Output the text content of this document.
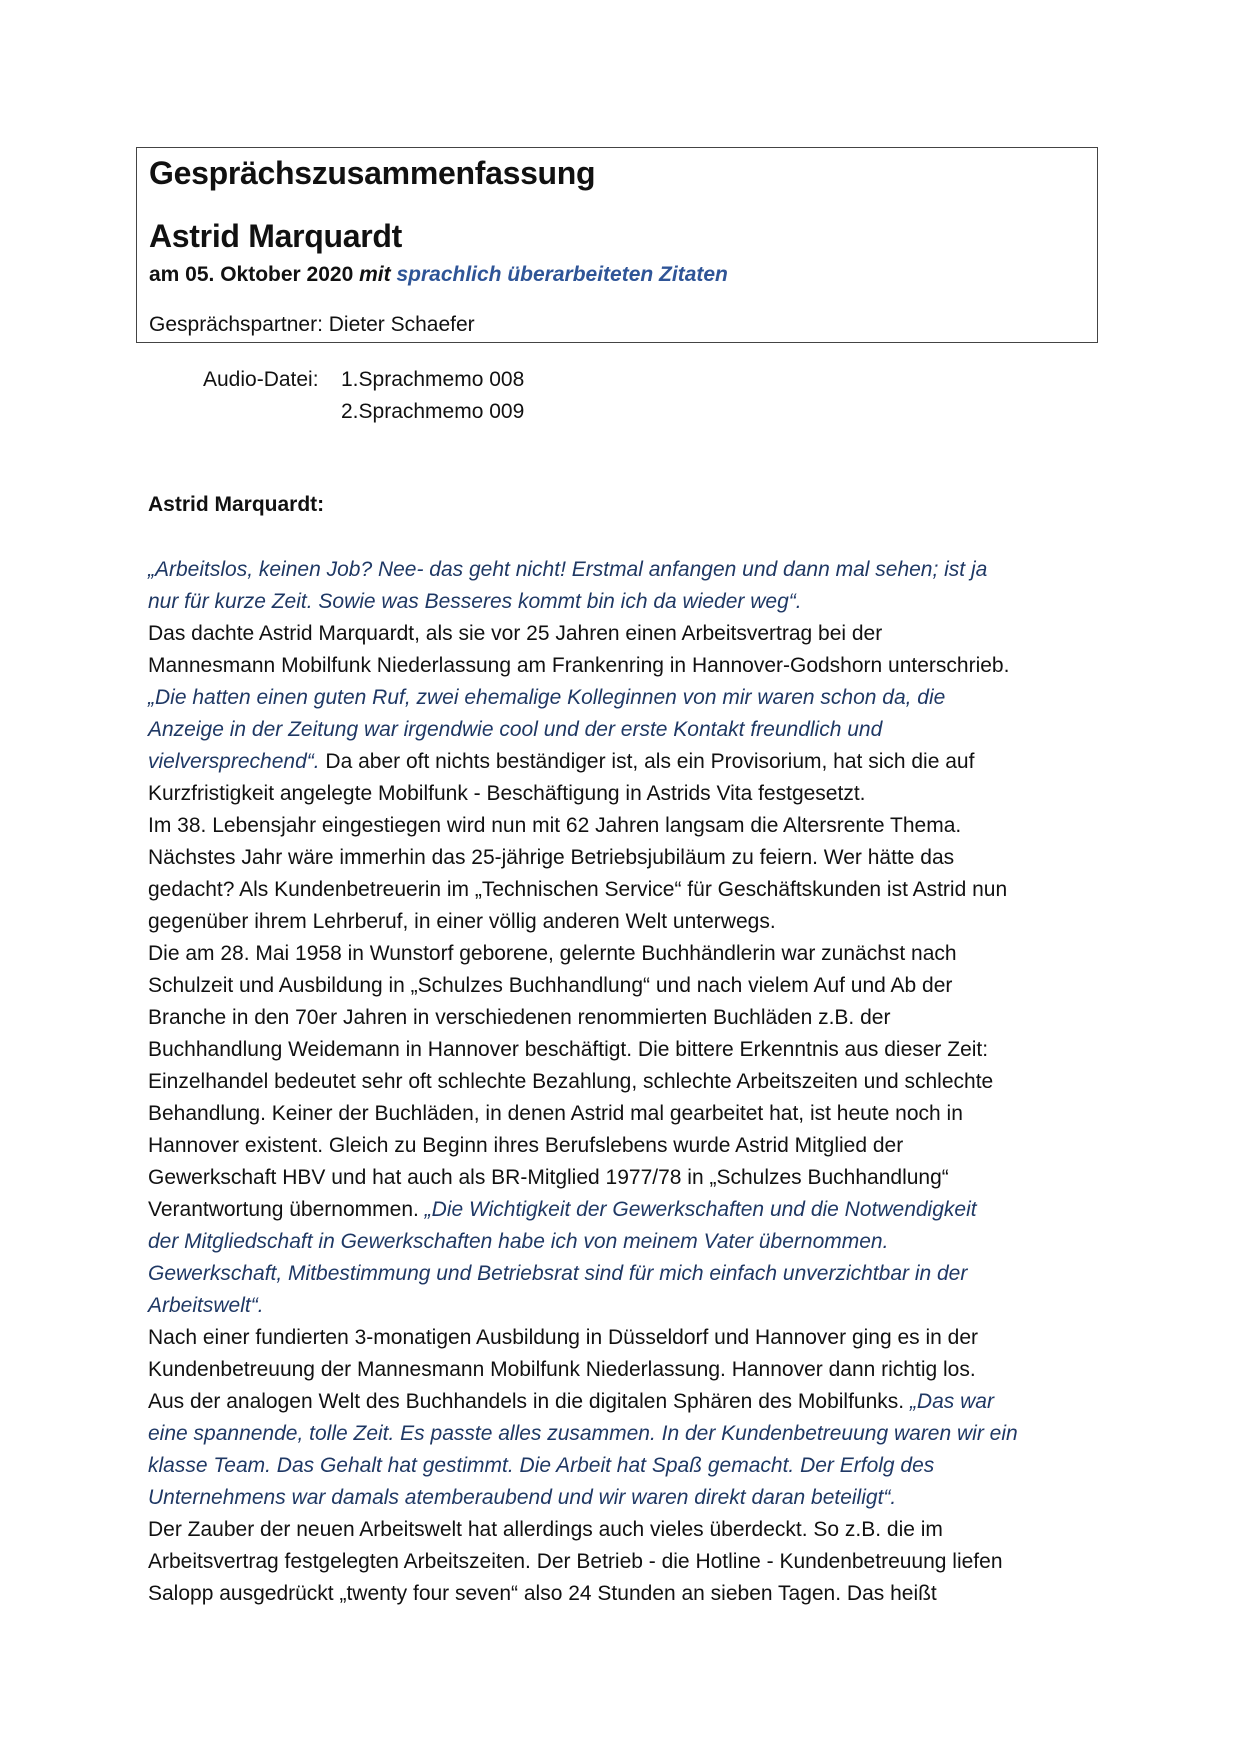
Gesprächszusammenfassung
Astrid Marquardt
am 05. Oktober 2020 mit sprachlich überarbeiteten Zitaten
Gesprächspartner: Dieter Schaefer
Audio-Datei: 1.Sprachmemo 008
2.Sprachmemo 009
Astrid Marquardt:
„Arbeitslos, keinen Job? Nee- das geht nicht! Erstmal anfangen und dann mal sehen; ist ja
nur für kurze Zeit. Sowie was Besseres kommt bin ich da wieder weg“.
Das dachte Astrid Marquardt, als sie vor 25 Jahren einen Arbeitsvertrag bei der
Mannesmann Mobilfunk Niederlassung am Frankenring in Hannover-Godshorn unterschrieb.
„Die hatten einen guten Ruf, zwei ehemalige Kolleginnen von mir waren schon da, die
Anzeige in der Zeitung war irgendwie cool und der erste Kontakt freundlich und
vielversprechend“. Da aber oft nichts beständiger ist, als ein Provisorium, hat sich die auf
Kurzfristigkeit angelegte Mobilfunk - Beschäftigung in Astrids Vita festgesetzt.
Im 38. Lebensjahr eingestiegen wird nun mit 62 Jahren langsam die Altersrente Thema.
Nächstes Jahr wäre immerhin das 25-jährige Betriebsjubiläum zu feiern. Wer hätte das
gedacht? Als Kundenbetreuerin im „Technischen Service“ für Geschäftskunden ist Astrid nun
gegenüber ihrem Lehrberuf, in einer völlig anderen Welt unterwegs.
Die am 28. Mai 1958 in Wunstorf geborene, gelernte Buchhändlerin war zunächst nach
Schulzeit und Ausbildung in „Schulzes Buchhandlung“ und nach vielem Auf und Ab der
Branche in den 70er Jahren in verschiedenen renommierten Buchläden z.B. der
Buchhandlung Weidemann in Hannover beschäftigt. Die bittere Erkenntnis aus dieser Zeit:
Einzelhandel bedeutet sehr oft schlechte Bezahlung, schlechte Arbeitszeiten und schlechte
Behandlung. Keiner der Buchläden, in denen Astrid mal gearbeitet hat, ist heute noch in
Hannover existent. Gleich zu Beginn ihres Berufslebens wurde Astrid Mitglied der
Gewerkschaft HBV und hat auch als BR-Mitglied 1977/78 in „Schulzes Buchhandlung“
Verantwortung übernommen. „Die Wichtigkeit der Gewerkschaften und die Notwendigkeit
der Mitgliedschaft in Gewerkschaften habe ich von meinem Vater übernommen.
Gewerkschaft, Mitbestimmung und Betriebsrat sind für mich einfach unverzichtbar in der
Arbeitswelt“.
Nach einer fundierten 3-monatigen Ausbildung in Düsseldorf und Hannover ging es in der
Kundenbetreuung der Mannesmann Mobilfunk Niederlassung. Hannover dann richtig los.
Aus der analogen Welt des Buchhandels in die digitalen Sphären des Mobilfunks. „Das war
eine spannende, tolle Zeit. Es passte alles zusammen. In der Kundenbetreuung waren wir ein
klasse Team. Das Gehalt hat gestimmt. Die Arbeit hat Spaß gemacht. Der Erfolg des
Unternehmens war damals atemberaubend und wir waren direkt daran beteiligt“.
Der Zauber der neuen Arbeitswelt hat allerdings auch vieles überdeckt. So z.B. die im
Arbeitsvertrag festgelegten Arbeitszeiten. Der Betrieb - die Hotline - Kundenbetreuung liefen
Salopp ausgedrückt „twenty four seven“ also 24 Stunden an sieben Tagen. Das heißt
